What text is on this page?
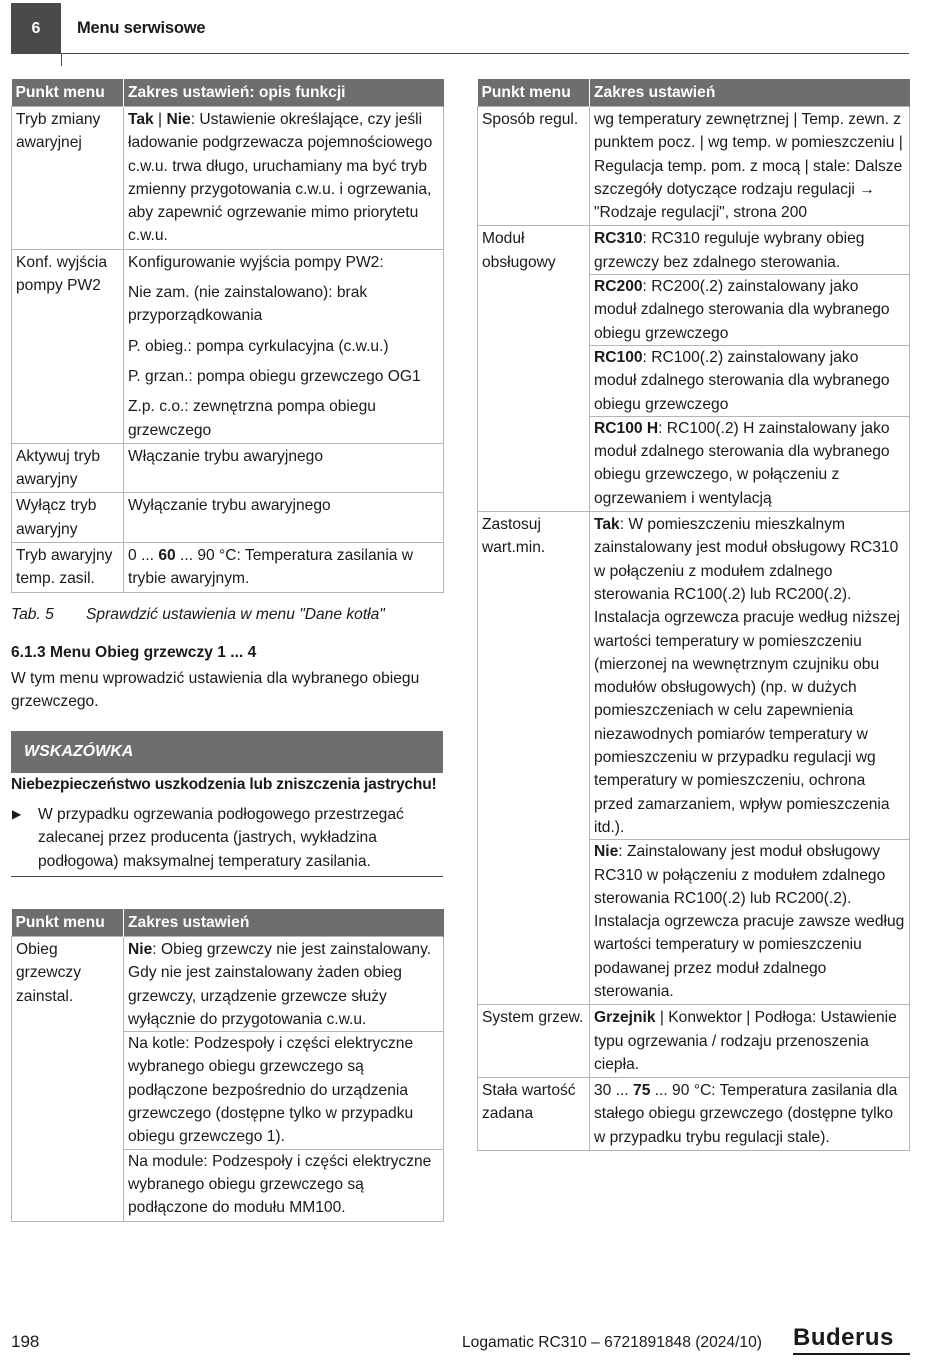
6	Menu serwisowe
Punkt menu	Zakres ustawień: opis funkcji
Tryb zmiany awaryjnej	Tak | Nie: Ustawienie określające, czy jeśli ładowanie podgrzewacza pojemnościowego c.w.u. trwa długo, uruchamiany ma być tryb zmienny przygotowania c.w.u. i ogrzewania, aby zapewnić ogrzewanie mimo priorytetu c.w.u.
Konf. wyjścia pompy PW2	Konfigurowanie wyjścia pompy PW2:
Nie zam. (nie zainstalowano): brak przyporządkowania
P. obieg.: pompa cyrkulacyjna (c.w.u.)
P. grzan.: pompa obiegu grzewczego OG1
Z.p. c.o.: zewnętrzna pompa obiegu grzewczego

Aktywuj tryb awaryjny	Włączanie trybu awaryjnego
Wyłącz tryb awaryjny	Wyłączanie trybu awaryjnego
Tryb awaryjny temp. zasil.	0 ... 60 ... 90 °C: Temperatura zasilania w trybie awaryjnym.
Tab. 5 Sprawdzić ustawienia w menu "Dane kotła"
6.1.3 Menu Obieg grzewczy 1 ... 4
W tym menu wprowadzić ustawienia dla wybranego obiegu grzewczego.
WSKAZÓWKA
Niebezpieczeństwo uszkodzenia lub zniszczenia jastrychu!
▶ W przypadku ogrzewania podłogowego przestrzegać zalecanej przez producenta (jastrych, wykładzina podłogowa) maksymalnej temperatury zasilania.
Punkt menu	Zakres ustawień
Obieg grzewczy zainstal.	Nie: Obieg grzewczy nie jest zainstalowany. Gdy nie jest zainstalowany żaden obieg grzewczy, urządzenie grzewcze służy wyłącznie do przygotowania c.w.u.
Na kotle: Podzespoły i części elektryczne wybranego obiegu grzewczego są podłączone bezpośrednio do urządzenia grzewczego (dostępne tylko w przypadku obiegu grzewczego 1).
Na module: Podzespoły i części elektryczne wybranego obiegu grzewczego są podłączone do modułu MM100.
Punkt menu	Zakres ustawień
Sposób regul.	wg temperatury zewnętrznej | Temp. zewn. z punktem pocz. | wg temp. w pomieszczeniu | Regulacja temp. pom. z mocą | stale: Dalsze szczegóły dotyczące rodzaju regulacji → "Rodzaje regulacji", strona 200
Moduł obsługowy	RC310: RC310 reguluje wybrany obieg grzewczy bez zdalnego sterowania.
RC200: RC200(.2) zainstalowany jako moduł zdalnego sterowania dla wybranego obiegu grzewczego
RC100: RC100(.2) zainstalowany jako moduł zdalnego sterowania dla wybranego obiegu grzewczego
RC100 H: RC100(.2) H zainstalowany jako moduł zdalnego sterowania dla wybranego obiegu grzewczego, w połączeniu z ogrzewaniem i wentylacją

Zastosuj wart.min.	Tak: W pomieszczeniu mieszkalnym zainstalowany jest moduł obsługowy RC310 w połączeniu z modułem zdalnego sterowania RC100(.2) lub RC200(.2). Instalacja ogrzewcza pracuje według niższej wartości temperatury w pomieszczeniu (mierzonej na wewnętrznym czujniku obu modułów obsługowych) (np. w dużych pomieszczeniach w celu zapewnienia niezawodnych pomiarów temperatury w pomieszczeniu w przypadku regulacji wg temperatury w pomieszczeniu, ochrona przed zamarzaniem, wpływ pomieszczenia itd.).
Nie: Zainstalowany jest moduł obsługowy RC310 w połączeniu z modułem zdalnego sterowania RC100(.2) lub RC200(.2). Instalacja ogrzewcza pracuje zawsze według wartości temperatury w pomieszczeniu podawanej przez moduł zdalnego sterowania.

System grzew.	Grzejnik | Konwektor | Podłoga: Ustawienie typu ogrzewania / rodzaju przenoszenia ciepła.
Stała wartość zadana	30 ... 75 ... 90 °C: Temperatura zasilania dla stałego obiegu grzewczego (dostępne tylko w przypadku trybu regulacji stale).
198	Logamatic RC310 – 6721891848 (2024/10) Buderus
